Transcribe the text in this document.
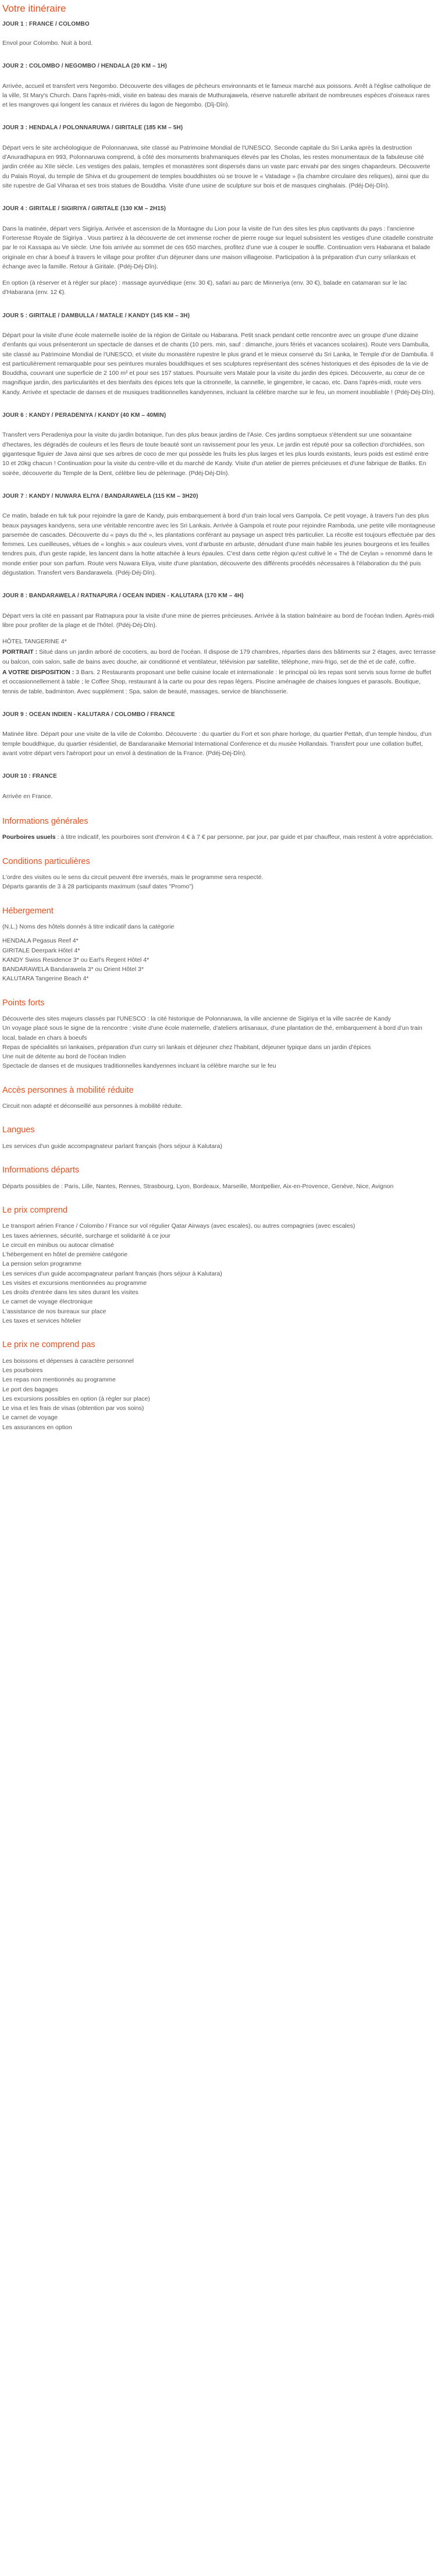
Votre itinéraire
JOUR 1 : FRANCE / COLOMBO

Envol pour Colombo. Nuit à bord.

JOUR 2 : COLOMBO / NEGOMBO / HENDALA (20 KM – 1H)

Arrivée, accueil et transfert vers Negombo. Découverte des villages de pêcheurs environnants et le fameux marché aux poissons. Arrêt à l'église catholique de la ville, St Mary's Church. Dans l'après-midi, visite en bateau des marais de Muthurajawela, réserve naturelle abritant de nombreuses espèces d'oiseaux rares et les mangroves qui longent les canaux et rivières du lagon de Negombo. (Dîj-Dîn).

JOUR 3 : HENDALA / POLONNARUWA / GIRITALE (185 KM – 5H)

Départ vers le site archéologique de Polonnaruwa, site classé au Patrimoine Mondial de l'UNESCO. Seconde capitale du Sri Lanka après la destruction d'Anuradhapura en 993, Polonnaruwa comprend, à côté des monuments brahmaniques élevés par les Cholas, les restes monumentaux de la fabuleuse cité jardin créée au XIIe siècle. Les vestiges des palais, temples et monastères sont dispersés dans un vaste parc envahi par des singes chapardeurs. Découverte du Palais Royal, du temple de Shiva et du groupement de temples bouddhistes où se trouve le « Vatadage » (la chambre circulaire des reliques), ainsi que du site rupestre de Gal Viharaa et ses trois statues de Bouddha. Visite d'une usine de sculpture sur bois et de masques cinghalais. (Pdéj-Déj-Dîn).

JOUR 4 : GIRITALE / SIGIRIYA / GIRITALE (130 KM – 2H15)

Dans la matinée, départ vers Sigiriya. Arrivée et ascension de la Montagne du Lion pour la visite de l'un des sites les plus captivants du pays : l'ancienne Forteresse Royale de Sigiriya . Vous partirez à la découverte de cet immense rocher de pierre rouge sur lequel subsistent les vestiges d'une citadelle construite par le roi Kassapa au Ve siècle. Une fois arrivée au sommet de ces 650 marches, profitez d'une vue à couper le souffle. Continuation vers Habarana et balade originale en char à boeuf à travers le village pour profiter d'un déjeuner dans une maison villageoise. Participation à la préparation d'un curry srilankais et échange avec la famille. Retour à Giritale. (Pdéj-Déj-Dîn).

En option (à réserver et à régler sur place) : massage ayurvédique (env. 30 €), safari au parc de Minneriya (env. 30 €), balade en catamaran sur le lac d'Habarana (env. 12 €).

JOUR 5 : GIRITALE / DAMBULLA / MATALE / KANDY (145 KM – 3H)

Départ pour la visite d'une école maternelle isolée de la région de Giritale ou Habarana. Petit snack pendant cette rencontre avec un groupe d'une dizaine d'enfants qui vous présenteront un spectacle de danses et de chants (10 pers. min, sauf : dimanche, jours fériés et vacances scolaires). Route vers Dambulla, site classé au Patrimoine Mondial de l'UNESCO, et visite du monastère rupestre le plus grand et le mieux conservé du Sri Lanka, le Temple d'or de Dambulla. Il est particulièrement remarquable pour ses peintures murales bouddhiques et ses sculptures représentant des scènes historiques et des épisodes de la vie de Bouddha, couvrant une superficie de 2 100 m² et pour ses 157 statues. Poursuite vers Matale pour la visite du jardin des épices. Découverte, au cœur de ce magnifique jardin, des particularités et des bienfaits des épices tels que la citronnelle, la cannelle, le gingembre, le cacao, etc. Dans l'après-midi, route vers Kandy. Arrivée et spectacle de danses et de musiques traditionnelles kandyennes, incluant la célèbre marche sur le feu, un moment inoubliable ! (Pdéj-Déj-Dîn).

JOUR 6 : KANDY / PERADENIYA / KANDY (40 KM – 40MIN)

Transfert vers Peradeniya pour la visite du jardin botanique, l'un des plus beaux jardins de l'Asie. Ces jardins somptueux s'étendent sur une soixantaine d'hectares, les dégradés de couleurs et les fleurs de toute beauté sont un ravissement pour les yeux. Le jardin est réputé pour sa collection d'orchidées, son gigantesque figuier de Java ainsi que ses arbres de coco de mer qui possède les fruits les plus larges et les plus lourds existants, leurs poids est estimé entre 10 et 20kg chacun ! Continuation pour la visite du centre-ville et du marché de Kandy. Visite d'un atelier de pierres précieuses et d'une fabrique de Batiks. En soirée, découverte du Temple de la Dent, célèbre lieu de pèlerinage. (Pdéj-Déj-Dîn).

JOUR 7 : KANDY / NUWARA ELIYA / BANDARAWELA (115 KM – 3H20)

Ce matin, balade en tuk tuk pour rejoindre la gare de Kandy, puis embarquement à bord d'un train local vers Gampola. Ce petit voyage, à travers l'un des plus beaux paysages kandyens, sera une véritable rencontre avec les Sri Lankais. Arrivée à Gampola et route pour rejoindre Ramboda, une petite ville montagneuse parsemée de cascades. Découverte du « pays du thé », les plantations conférant au paysage un aspect très particulier. La récolte est toujours effectuée par des femmes. Les cueilleuses, vêtues de « longhis » aux couleurs vives, vont d'arbuste en arbuste, dénudant d'une main habile les jeunes bourgeons et les feuilles tendres puis, d'un geste rapide, les lancent dans la hotte attachée à leurs épaules. C'est dans cette région qu'est cultivé le « Thé de Ceylan » renommé dans le monde entier pour son parfum. Route vers Nuwara Eliya, visite d'une plantation, découverte des différents procédés nécessaires à l'élaboration du thé puis dégustation. Transfert vers Bandarawela. (Pdéj-Déj-Dîn).

JOUR 8 : BANDARAWELA / RATNAPURA / OCEAN INDIEN - KALUTARA (170 KM – 4H)

Départ vers la cité en passant par Ratnapura pour la visite d'une mine de pierres précieuses. Arrivée à la station balnéaire au bord de l'océan Indien. Après-midi libre pour profiter de la plage et de l'hôtel. (Pdéj-Déj-Dîn).

HÔTEL TANGERINE 4*

PORTRAIT : Situé dans un jardin arboré de cocotiers, au bord de l'océan. Il dispose de 179 chambres, réparties dans des bâtiments sur 2 étages, avec terrasse ou balcon, coin salon, salle de bains avec douche, air conditionné et ventilateur, télévision par satellite, téléphone, mini-frigo, set de thé et de café, coffre.

A VOTRE DISPOSITION : 3 Bars. 2 Restaurants proposant une belle cuisine locale et internationale : le principal où les repas sont servis sous forme de buffet et occasionnellement à table ; le Coffee Shop, restaurant à la carte ou pour des repas légers. Piscine aménagée de chaises longues et parasols. Boutique, tennis de table, badminton. Avec supplément : Spa, salon de beauté, massages, service de blanchisserie.

JOUR 9 : OCEAN INDIEN - KALUTARA / COLOMBO / FRANCE

Matinée libre. Départ pour une visite de la ville de Colombo. Découverte : du quartier du Fort et son phare horloge, du quartier Pettah, d'un temple hindou, d'un temple bouddhique, du quartier résidentiel, de Bandaranaike Memorial International Conference et du musée Hollandais. Transfert pour une collation buffet, avant votre départ vers l'aéroport pour un envol à destination de la France. (Pdéj-Déj-Dîn).

JOUR 10 : FRANCE

Arrivée en France.

Informations générales

Pourboires usuels : à titre indicatif, les pourboires sont d'environ 4 € à 7 € par personne, par jour, par guide et par chauffeur, mais restent à votre appréciation.

Conditions particulières
L'ordre des visites ou le sens du circuit peuvent être inversés, mais le programme sera respecté.
Départs garantis de 3 à 28 participants maximum (sauf dates "Promo")
Hébergement

(N.L.) Noms des hôtels donnés à titre indicatif dans la catégorie

HENDALA Pegasus Reef 4*
GIRITALE Deerpark Hôtel 4*
KANDY Swiss Residence 3* ou Earl's Regent Hôtel 4*
BANDARAWELA Bandarawela 3* ou Orient Hôtel 3*
KALUTARA Tangerine Beach 4*
Points forts
Découverte des sites majeurs classés par l'UNESCO : la cité historique de Polonnaruwa, la ville ancienne de Sigiriya et la ville sacrée de Kandy
Un voyage placé sous le signe de la rencontre : visite d'une école maternelle, d'ateliers artisanaux, d'une plantation de thé, embarquement à bord d'un train local, balade en chars à boeufs
Repas de spécialités sri lankaises, préparation d'un curry sri lankais et déjeuner chez l'habitant, déjeuner typique dans un jardin d'épices
Une nuit de détente au bord de l'océan Indien
Spectacle de danses et de musiques traditionnelles kandyennes incluant la célèbre marche sur le feu
Accès personnes à mobilité réduite

Circuit non adapté et déconseillé aux personnes à mobilité réduite.

Langues

Les services d'un guide accompagnateur parlant français (hors séjour à Kalutara)

Informations départs

Départs possibles de : Paris, Lille, Nantes, Rennes, Strasbourg, Lyon, Bordeaux, Marseille, Montpellier, Aix-en-Provence, Genève, Nice, Avignon

Le prix comprend
Le transport aérien France / Colombo / France sur vol régulier Qatar Airways (avec escales), ou autres compagnies (avec escales)
Les taxes aériennes, sécurité, surcharge et solidarité à ce jour
Le circuit en minibus ou autocar climatisé
L'hébergement en hôtel de première catégorie
La pension selon programme
Les services d'un guide accompagnateur parlant français (hors séjour à Kalutara)
Les visites et excursions mentionnées au programme
Les droits d'entrée dans les sites durant les visites
Le carnet de voyage électronique
L'assistance de nos bureaux sur place
Les taxes et services hôtelier
Le prix ne comprend pas
Les boissons et dépenses à caractère personnel
Les pourboires
Les repas non mentionnés au programme
Le port des bagages
Les excursions possibles en option (à régler sur place)
Le visa et les frais de visas (obtention par vos soins)
Le carnet de voyage
Les assurances en option
